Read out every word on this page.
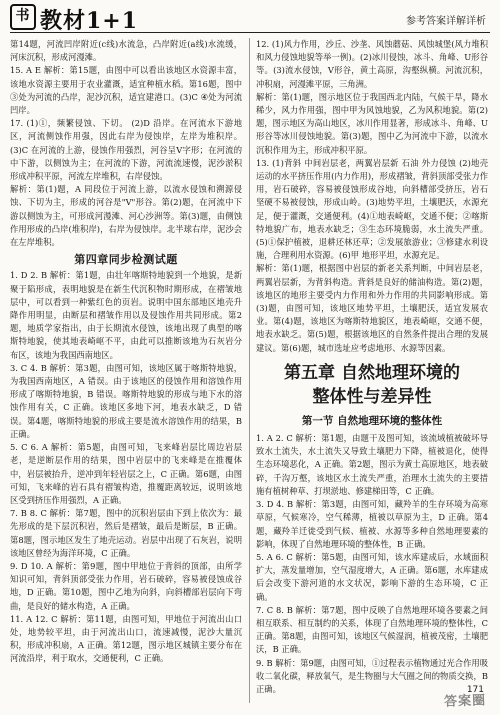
书 教材1+1	参考答案详解详析
第14题，河流凹岸附近(c线)水流急，凸岸附近(a线)水流缓，河床沉积，形成河漫滩。
15. A E 解析：第15题，由图中可以看出该地区水资源丰富，该地水资源主要用于农业灌溉，适宜种植水稻。第16题，图中③处为河流的凸岸，泥沙沉积，适宜建港口。(3)C ④处为河流凹岸。
17. (1)①，频繁侵蚀、下切。 (2)D 沿岸。在河流水下游地区，河流侧蚀作用强，因此右岸为侵蚀岸，左岸为堆积岸。(3)C 在河流的上游，侵蚀作用强烈，河谷呈V字形；在河流的中下游，以侧蚀为主；在河流的下游，河流流速慢，泥沙淤积形成冲积平原，河流左岸堆积，右岸侵蚀。
解析：第(1)题，A 同段位于河流上游，以流水侵蚀和溯源侵蚀、下切为主，形成的河谷是"V"形谷。第(2)题，在河流中下游以侧蚀为主，可形成河漫滩、河心沙洲等。第(3)题，由侧蚀作用形成的凸岸(堆积岸)，右岸为侵蚀岸。北半球右岸，泥沙会在左岸堆积。
第四章同步检测试题
1. D 2. B 解析：第1题，由壮年喀斯特地貌到一个地貌，是新聚于陷形成，表明地貌是在新生代沉积物时期形成，在褶皱地层中，可以看到一种紫红色的页岩。说明中国东部地区地壳升降作用明显，由断层和褶皱作用以及侵蚀作用共同形成。第2题，地质学家指出，由于长期流水侵蚀，该地出现了典型的喀斯特地貌，使其地表崎岖不平，由此可以推断该地为石灰岩分布区，该地为我国西南地区。
3. C 4. B 解析：第3题，由图可知，该地区属于喀斯特地貌，为我国西南地区，A 错误。由于该地区的侵蚀作用和溶蚀作用形成了喀斯特地貌，B 错误。喀斯特地貌的形成与地下水的溶蚀作用有关，C 正确。该地区多地下河，地表水缺乏，D 错误。第4题，喀斯特地貌的形成主要是流水溶蚀作用的结果，B 正确。
5. C 6. A 解析：第5题，由图可知，飞来峰岩层比周边岩层老，是逆断层作用的结果，图中岩层中的飞来峰是在推覆体中，岩层被抬升，逆冲到年轻岩层之上，C 正确。第6题，由图可知，飞来峰的岩石具有褶皱构造，推覆距离较远，说明该地区受到挤压作用强烈，A 正确。
7. B 8. C 解析：第7题，图中的沉积岩层由下到上依次为：最先形成的是下层沉积岩，然后是褶皱，最后是断层，B 正确。第8题，图示地区发生了地壳运动。岩层中出现了石灰岩，说明该地区曾经为海洋环境，C 正确。
9. D 10. A 解析：第9题，图中甲地位于背斜的顶部，由所学知识可知，背斜顶部受张力作用，岩石破碎，容易被侵蚀成谷地，D 正确。第10题，图中乙地为向斜，向斜槽部岩层向下弯曲，是良好的储水构造，A 正确。
11. A 12. C 解析：第11题，由图可知，甲地位于河流出山口处，地势较平坦，由于河流出山口，流速减慢，泥沙大量沉积，形成冲积扇，A 正确。第12题，图示地区城镇主要分布在河流沿岸，利于取水，交通便利，C 正确。
12. (1)风力作用，沙丘、沙垄、风蚀蘑菇、风蚀城堡(风力堆积和风力侵蚀地貌等举一例)。(2)冰川侵蚀，冰斗、角峰、U形谷等。(3)流水侵蚀，V形谷，黄土高原，沟壑纵横。河流沉积，冲积扇，河漫滩平原，三角洲。
解析：第(1)题，图示地区位于我国西北内陆，气候干旱，降水稀少，风力作用强，图中甲为风蚀地貌，乙为风积地貌。第(2)题，图示地区为高山地区，冰川作用显著，形成冰斗、角峰、U形谷等冰川侵蚀地貌。第(3)题，图中乙为河流中下游，以流水沉积作用为主，形成冲积平原。
13. (1)背斜 中间岩层老，两翼岩层新 石油 外力侵蚀 (2)地壳运动的水平挤压作用(内力作用)，形成褶皱，背斜顶部受张力作用，岩石破碎，容易被侵蚀形成谷地，向斜槽部受挤压，岩石坚硬不易被侵蚀，形成山岭。(3)地势平坦，土壤肥沃，水源充足，便于灌溉，交通便利。(4)①地表崎岖，交通不便；②喀斯特地貌广布，地表水缺乏；③生态环境脆弱，水土流失严重。(5)①保护植被，退耕还林还草；②发展旅游业；③修建水利设施，合理利用水资源。(6)甲 地形平坦，水源充足。
解析：第(1)题，根据图中岩层的新老关系判断，中间岩层老，两翼岩层新，为背斜构造。背斜是良好的储油构造。第(2)题，该地区的地形主要受内力作用和外力作用的共同影响形成。第(3)题，由图可知，该地区地势平坦，土壤肥沃，适宜发展农业。第(4)题，该地区为喀斯特地貌区，地表崎岖，交通不便，地表水缺乏。第(5)题，根据该地区的自然条件提出合理的发展建议。第(6)题，城市选址应考虑地形、水源等因素。
第五章 自然地理环境的
整体性与差异性
第一节 自然地理环境的整体性
1. A 2. C 解析：第1题，由题干及图可知，该流域植被破坏导致水土流失，水土流失又导致土壤肥力下降，植被退化，使得生态环境恶化，A 正确。第2题，图示为黄土高原地区，地表破碎，千沟万壑，该地区水土流失严重，治理水土流失的主要措施有植树种草、打坝淤地、修建梯田等，C 正确。
3. D 4. B 解析：第3题，由图可知，藏羚羊的生存环境为高寒草原，气候寒冷，空气稀薄，植被以草原为主，D 正确。第4题，藏羚羊迁徙受到气候、植被、水源等多种自然地理要素的影响，体现了自然地理环境的整体性，B 正确。
5. A 6. C 解析：第5题，由图可知，该水库建成后，水域面积扩大，蒸发量增加，空气湿度增大，A 正确。第6题，水库建成后会改变下游河道的水文状况，影响下游的生态环境，C 正确。
7. C 8. B 解析：第7题，图中反映了自然地理环境各要素之间相互联系、相互制约的关系，体现了自然地理环境的整体性，C 正确。第8题，由图可知，该地区气候湿润，植被茂密，土壤肥沃，B 正确。
9. B 解析：第9题，由图可知，①过程表示植物通过光合作用吸收二氧化碳，释放氧气，是生物圈与大气圈之间的物质交换，B 正确。	171
答案圈
